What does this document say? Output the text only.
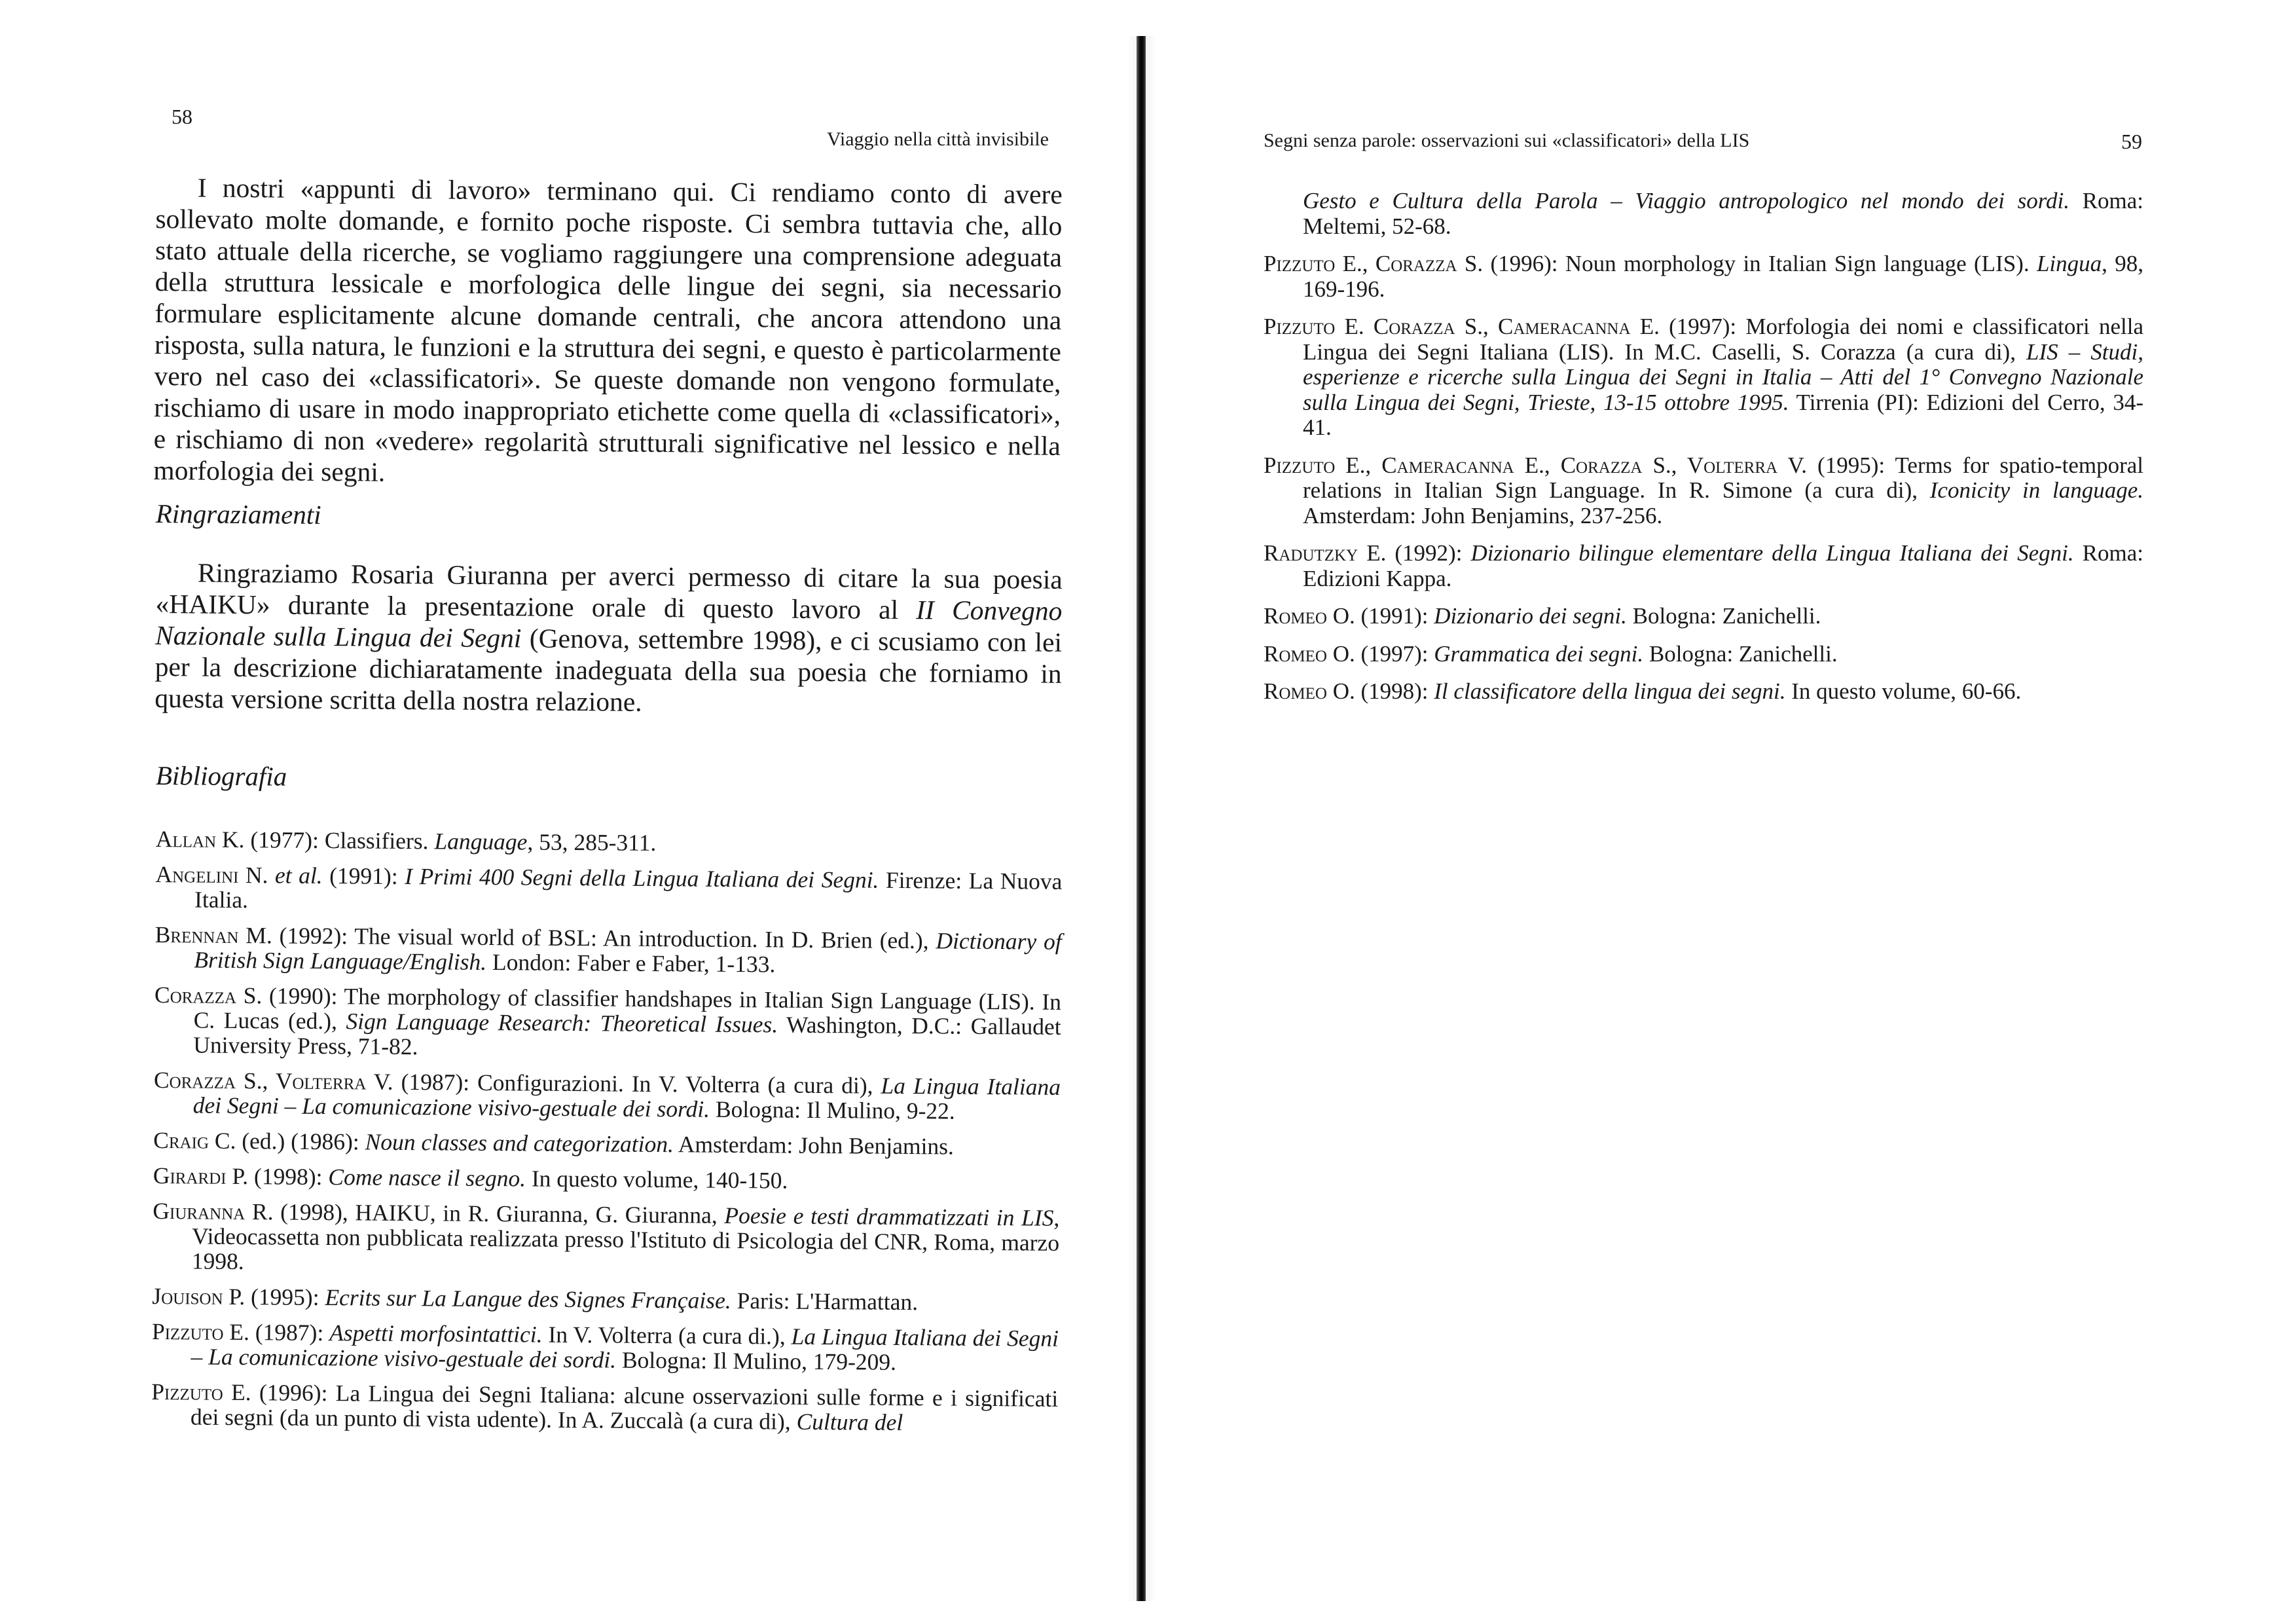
58
Viaggio nella città invisibile

I nostri «appunti di lavoro» terminano qui. Ci rendiamo conto di avere sollevato molte domande, e fornito poche risposte. Ci sembra tuttavia che, allo stato attuale della ricerche, se vogliamo raggiungere una comprensione adeguata della struttura lessicale e morfologica delle lingue dei segni, sia necessario formulare esplicitamente alcune domande centrali, che ancora attendono una risposta, sulla natura, le funzioni e la struttura dei segni, e questo è particolarmente vero nel caso dei «classificatori». Se queste domande non vengono formulate, rischiamo di usare in modo inappropriato etichette come quella di «classificatori», e rischiamo di non «vedere» regolarità strutturali significative nel lessico e nella morfologia dei segni.

Ringraziamenti

Ringraziamo Rosaria Giuranna per averci permesso di citare la sua poesia «HAIKU» durante la presentazione orale di questo lavoro al II Convegno Nazionale sulla Lingua dei Segni (Genova, settembre 1998), e ci scusiamo con lei per la descrizione dichiaratamente inadeguata della sua poesia che forniamo in questa versione scritta della nostra relazione.

Bibliografia

Allan K. (1977): Classifiers. Language, 53, 285-311.

Angelini N. et al. (1991): I Primi 400 Segni della Lingua Italiana dei Segni. Firenze: La Nuova Italia.

Brennan M. (1992): The visual world of BSL: An introduction. In D. Brien (ed.), Dictionary of British Sign Language/English. London: Faber e Faber, 1-133.

Corazza S. (1990): The morphology of classifier handshapes in Italian Sign Language (LIS). In C. Lucas (ed.), Sign Language Research: Theoretical Issues. Washington, D.C.: Gallaudet University Press, 71-82.

Corazza S., Volterra V. (1987): Configurazioni. In V. Volterra (a cura di), La Lingua Italiana dei Segni – La comunicazione visivo-gestuale dei sordi. Bologna: Il Mulino, 9-22.

Craig C. (ed.) (1986): Noun classes and categorization. Amsterdam: John Benjamins.

Girardi P. (1998): Come nasce il segno. In questo volume, 140-150.

Giuranna R. (1998), HAIKU, in R. Giuranna, G. Giuranna, Poesie e testi drammatizzati in LIS, Videocassetta non pubblicata realizzata presso l'Istituto di Psicologia del CNR, Roma, marzo 1998.

Jouison P. (1995): Ecrits sur La Langue des Signes Française. Paris: L'Harmattan.

Pizzuto E. (1987): Aspetti morfosintattici. In V. Volterra (a cura di.), La Lingua Italiana dei Segni – La comunicazione visivo-gestuale dei sordi. Bologna: Il Mulino, 179-209.

Pizzuto E. (1996): La Lingua dei Segni Italiana: alcune osservazioni sulle forme e i significati dei segni (da un punto di vista udente). In A. Zuccalà (a cura di), Cultura del

Segni senza parole: osservazioni sui «classificatori» della LIS	59

Gesto e Cultura della Parola – Viaggio antropologico nel mondo dei sordi. Roma: Meltemi, 52-68.

Pizzuto E., Corazza S. (1996): Noun morphology in Italian Sign language (LIS). Lingua, 98, 169-196.

Pizzuto E. Corazza S., Cameracanna E. (1997): Morfologia dei nomi e classificatori nella Lingua dei Segni Italiana (LIS). In M.C. Caselli, S. Corazza (a cura di), LIS – Studi, esperienze e ricerche sulla Lingua dei Segni in Italia – Atti del 1° Convegno Nazionale sulla Lingua dei Segni, Trieste, 13-15 ottobre 1995. Tirrenia (PI): Edizioni del Cerro, 34-41.

Pizzuto E., Cameracanna E., Corazza S., Volterra V. (1995): Terms for spatio-temporal relations in Italian Sign Language. In R. Simone (a cura di), Iconicity in language. Amsterdam: John Benjamins, 237-256.

Radutzky E. (1992): Dizionario bilingue elementare della Lingua Italiana dei Segni. Roma: Edizioni Kappa.

Romeo O. (1991): Dizionario dei segni. Bologna: Zanichelli.

Romeo O. (1997): Grammatica dei segni. Bologna: Zanichelli.

Romeo O. (1998): Il classificatore della lingua dei segni. In questo volume, 60-66.
